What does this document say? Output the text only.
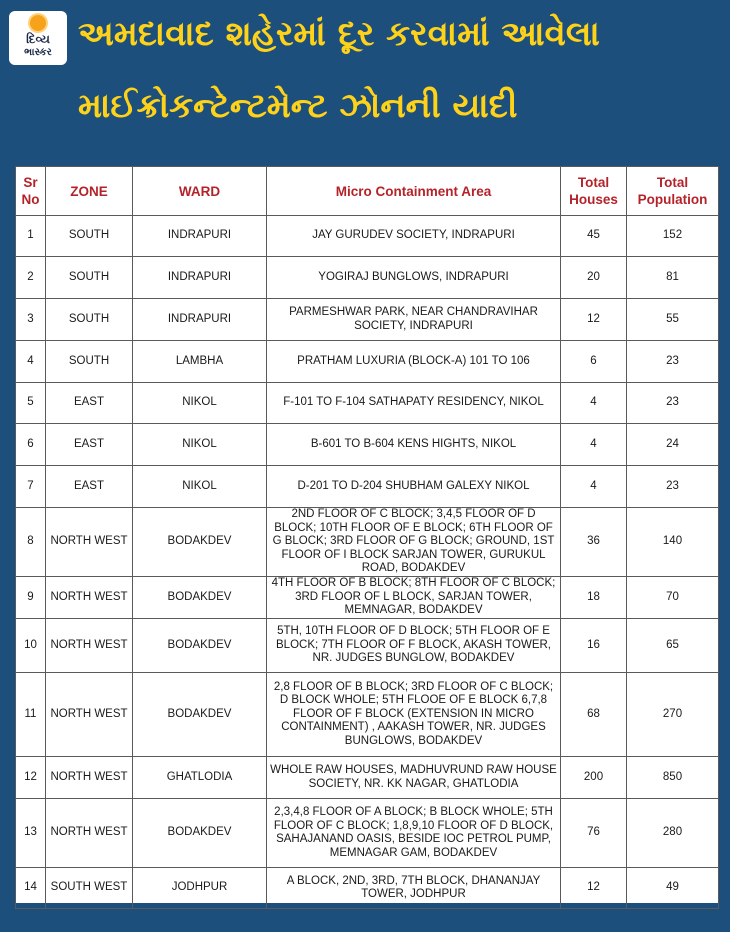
દિવ્ય
ભાસ્કર અમદાવાદ શહેરમાં દૂર કરવામાં આવેલા
માઈક્રોકન્ટેન્ટમેન્ટ ઝોનની યાદી
Sr No	ZONE	WARD	Micro Containment Area	Total Houses	Total Population
1	SOUTH	INDRAPURI	JAY GURUDEV SOCIETY, INDRAPURI	45	152
2	SOUTH	INDRAPURI	YOGIRAJ BUNGLOWS, INDRAPURI	20	81
3	SOUTH	INDRAPURI	PARMESHWAR PARK, NEAR CHANDRAVIHAR SOCIETY, INDRAPURI	12	55
4	SOUTH	LAMBHA	PRATHAM LUXURIA (BLOCK-A) 101 TO 106	6	23
5	EAST	NIKOL	F-101 TO F-104 SATHAPATY RESIDENCY, NIKOL	4	23
6	EAST	NIKOL	B-601 TO B-604 KENS HIGHTS, NIKOL	4	24
7	EAST	NIKOL	D-201 TO D-204 SHUBHAM GALEXY NIKOL	4	23
8	NORTH WEST	BODAKDEV	2ND FLOOR OF C BLOCK; 3,4,5 FLOOR OF D BLOCK; 10TH FLOOR OF E BLOCK; 6TH FLOOR OF G BLOCK; 3RD FLOOR OF G BLOCK; GROUND, 1ST FLOOR OF I BLOCK SARJAN TOWER, GURUKUL ROAD, BODAKDEV	36	140
9	NORTH WEST	BODAKDEV	4TH FLOOR OF B BLOCK; 8TH FLOOR OF C BLOCK; 3RD FLOOR OF L BLOCK, SARJAN TOWER, MEMNAGAR, BODAKDEV	18	70
10	NORTH WEST	BODAKDEV	5TH, 10TH FLOOR OF D BLOCK; 5TH FLOOR OF E BLOCK; 7TH FLOOR OF F BLOCK, AKASH TOWER, NR. JUDGES BUNGLOW, BODAKDEV	16	65
11	NORTH WEST	BODAKDEV	2,8 FLOOR OF B BLOCK; 3RD FLOOR OF C BLOCK; D BLOCK WHOLE; 5TH FLOOE OF E BLOCK 6,7,8 FLOOR OF F BLOCK (EXTENSION IN MICRO CONTAINMENT) , AAKASH TOWER, NR. JUDGES BUNGLOWS, BODAKDEV	68	270
12	NORTH WEST	GHATLODIA	WHOLE RAW HOUSES, MADHUVRUND RAW HOUSE SOCIETY, NR. KK NAGAR, GHATLODIA	200	850
13	NORTH WEST	BODAKDEV	2,3,4,8 FLOOR OF A BLOCK; B BLOCK WHOLE; 5TH FLOOR OF C BLOCK; 1,8,9,10 FLOOR OF D BLOCK, SAHAJANAND OASIS, BESIDE IOC PETROL PUMP, MEMNAGAR GAM, BODAKDEV	76	280
14	SOUTH WEST	JODHPUR	A BLOCK, 2ND, 3RD, 7TH BLOCK, DHANANJAY TOWER, JODHPUR	12	49
